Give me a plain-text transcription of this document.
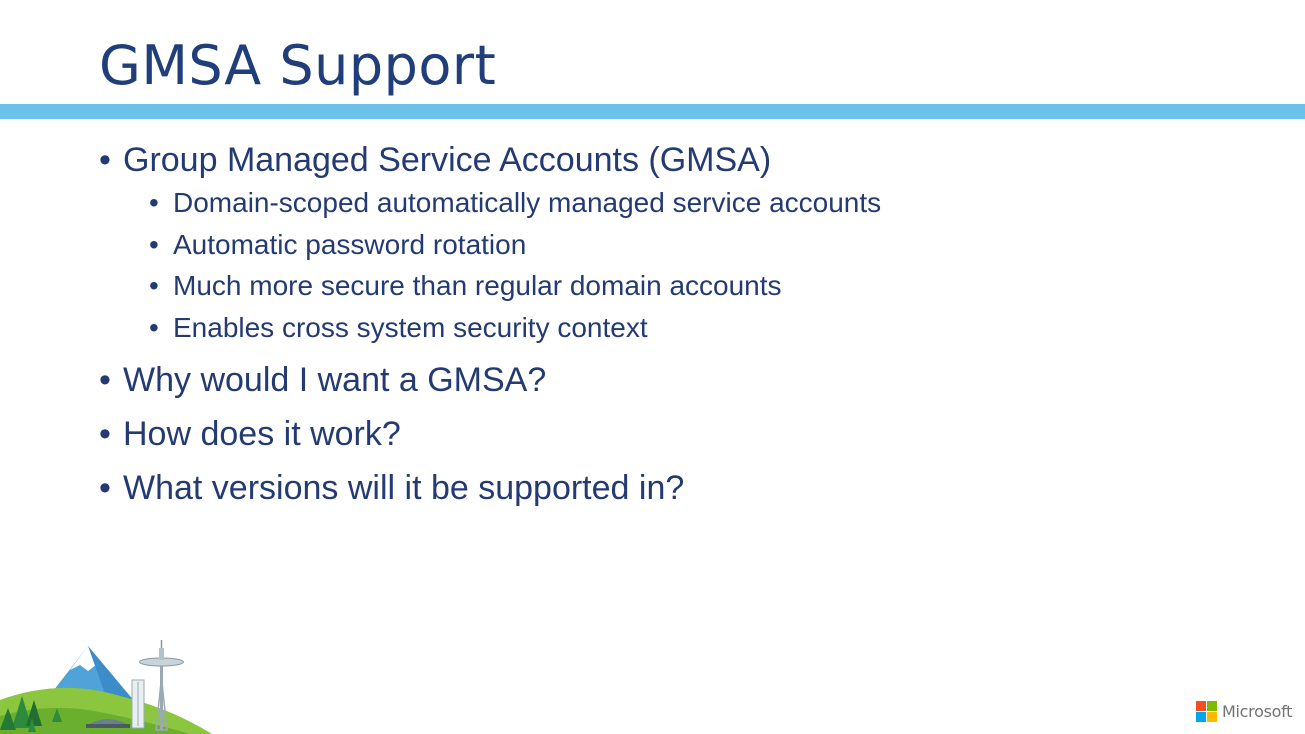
GMSA Support
• Group Managed Service Accounts (GMSA)
• Domain-scoped automatically managed service accounts
• Automatic password rotation
• Much more secure than regular domain accounts
• Enables cross system security context
• Why would I want a GMSA?
• How does it work?
• What versions will it be supported in?
Microsoft
